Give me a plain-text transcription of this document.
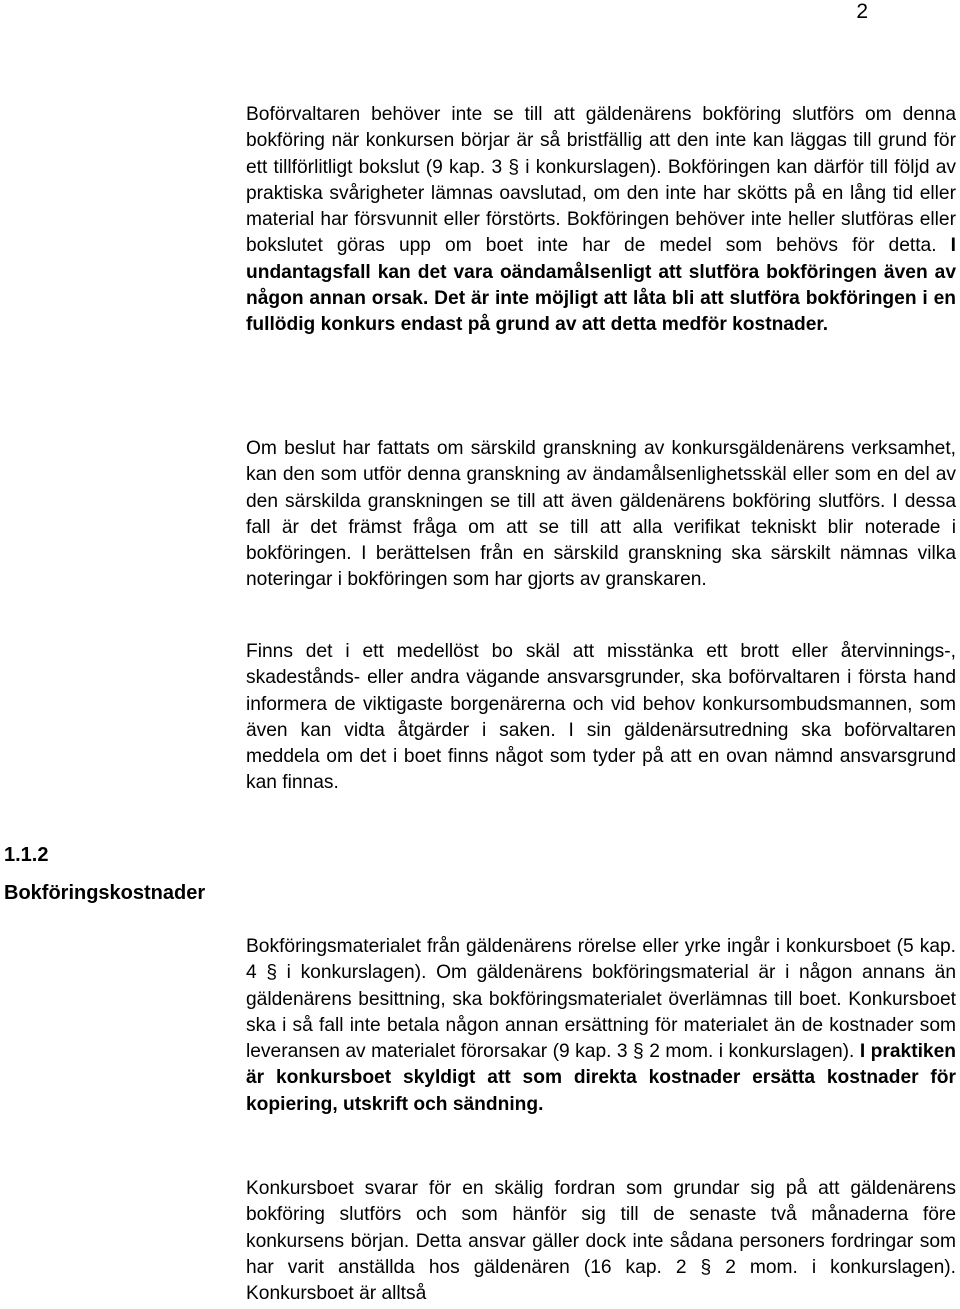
2

Boförvaltaren behöver inte se till att gäldenärens bokföring slutförs om denna bokföring när konkursen börjar är så bristfällig att den inte kan läggas till grund för ett tillförlitligt bokslut (9 kap. 3 § i konkurslagen). Bokföringen kan därför till följd av praktiska svårigheter lämnas oavslutad, om den inte har skötts på en lång tid eller material har försvunnit eller förstörts. Bokföringen behöver inte heller slutföras eller bokslutet göras upp om boet inte har de medel som behövs för detta. I undantagsfall kan det vara oändamålsenligt att slutföra bokföringen även av någon annan orsak. Det är inte möjligt att låta bli att slutföra bokföringen i en fullödig konkurs endast på grund av att detta medför kostnader.

Om beslut har fattats om särskild granskning av konkursgäldenärens verksamhet, kan den som utför denna granskning av ändamålsenlighetsskäl eller som en del av den särskilda granskningen se till att även gäldenärens bokföring slutförs. I dessa fall är det främst fråga om att se till att alla verifikat tekniskt blir noterade i bokföringen. I berättelsen från en särskild granskning ska särskilt nämnas vilka noteringar i bokföringen som har gjorts av granskaren.

Finns det i ett medellöst bo skäl att misstänka ett brott eller återvinnings-, skadestånds- eller andra vägande ansvarsgrunder, ska boförvaltaren i första hand informera de viktigaste borgenärerna och vid behov konkursombudsmannen, som även kan vidta åtgärder i saken. I sin gäldenärsutredning ska boförvaltaren meddela om det i boet finns något som tyder på att en ovan nämnd ansvarsgrund kan finnas.

1.1.2
Bokföringskostnader

Bokföringsmaterialet från gäldenärens rörelse eller yrke ingår i konkursboet (5 kap. 4 § i konkurslagen). Om gäldenärens bokföringsmaterial är i någon annans än gäldenärens besittning, ska bokföringsmaterialet överlämnas till boet. Konkursboet ska i så fall inte betala någon annan ersättning för materialet än de kostnader som leveransen av materialet förorsakar (9 kap. 3 § 2 mom. i konkurslagen). I praktiken är konkursboet skyldigt att som direkta kostnader ersätta kostnader för kopiering, utskrift och sändning.

Konkursboet svarar för en skälig fordran som grundar sig på att gäldenärens bokföring slutförs och som hänför sig till de senaste två månaderna före konkursens början. Detta ansvar gäller dock inte sådana personers fordringar som har varit anställda hos gäldenären (16 kap. 2 § 2 mom. i konkurslagen). Konkursboet är alltså
